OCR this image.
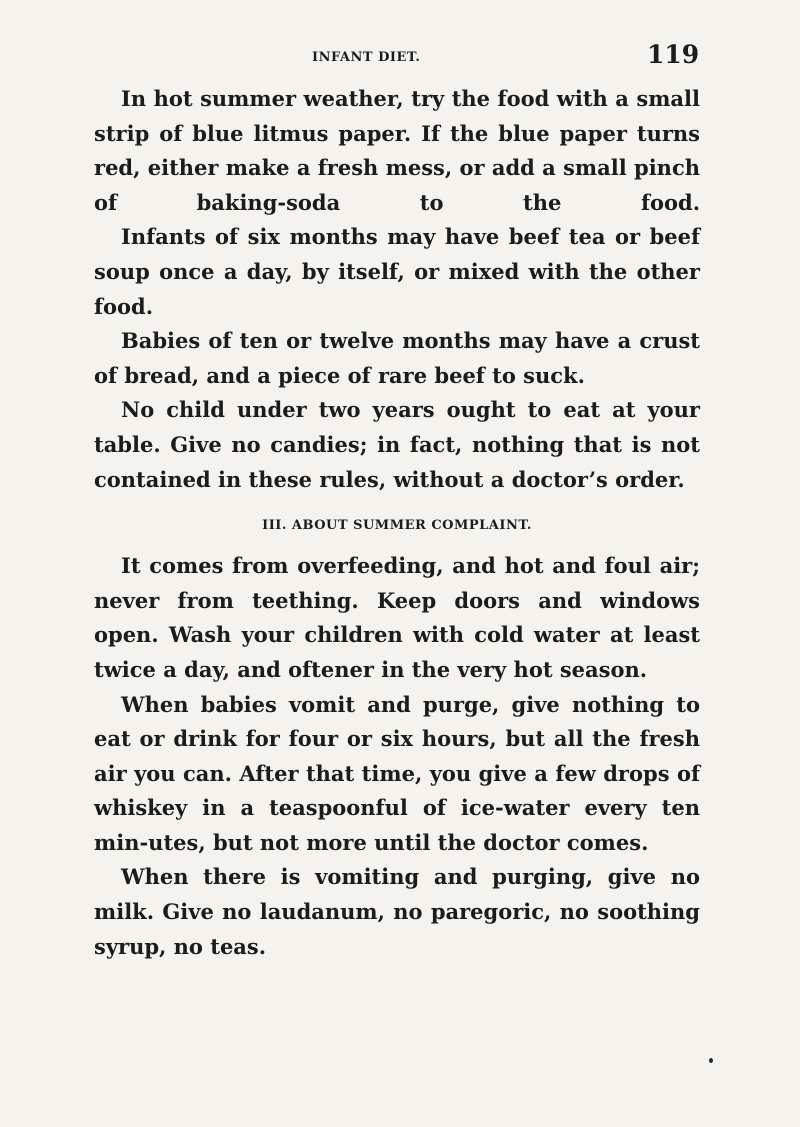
INFANT DIET.	119

In hot summer weather, try the food with a small strip of blue litmus paper. If the blue paper turns red, either make a fresh mess, or add a small pinch of baking-soda to the food.

Infants of six months may have beef tea or beef soup once a day, by itself, or mixed with the other food.

Babies of ten or twelve months may have a crust of bread, and a piece of rare beef to suck.

No child under two years ought to eat at your table. Give no candies; in fact, nothing that is not contained in these rules, without a doctor’s order.

III. ABOUT SUMMER COMPLAINT.

It comes from overfeeding, and hot and foul air; never from teething. Keep doors and windows open. Wash your children with cold water at least twice a day, and oftener in the very hot season.

When babies vomit and purge, give nothing to eat or drink for four or six hours, but all the fresh air you can. After that time, you give a few drops of whiskey in a teaspoonful of ice-water every ten min-utes, but not more until the doctor comes.

When there is vomiting and purging, give no milk. Give no laudanum, no paregoric, no soothing syrup, no teas.
